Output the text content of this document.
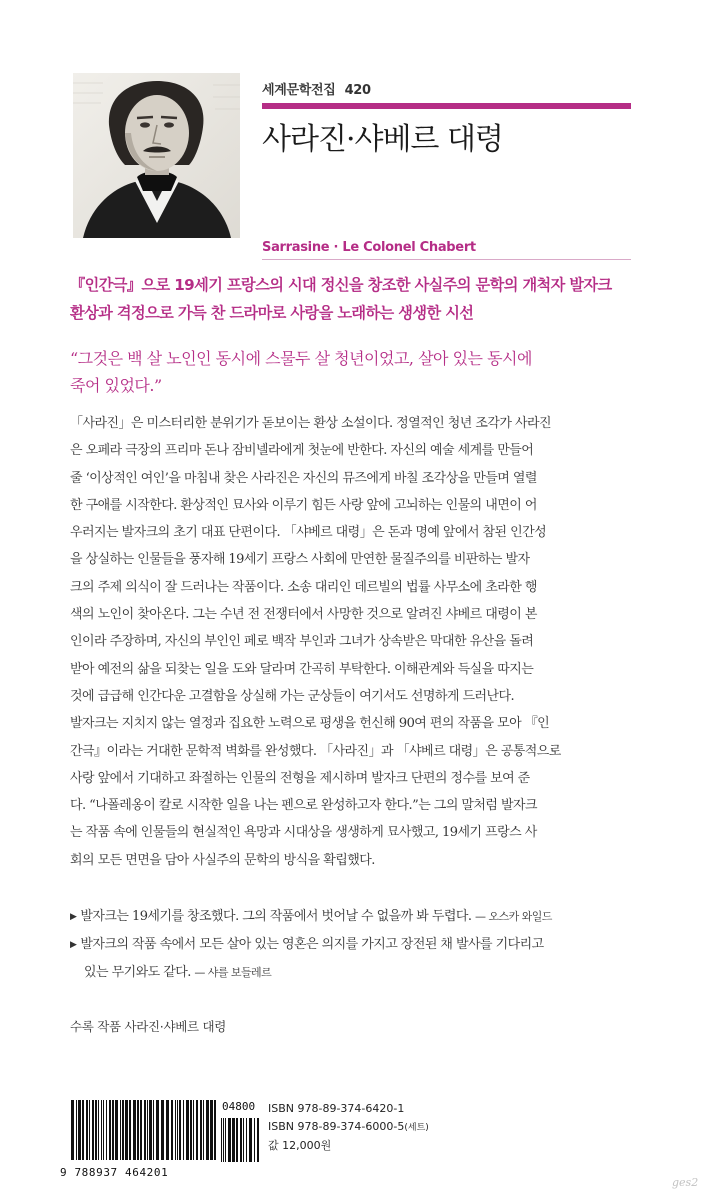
세계문학전집 420
사라진·샤베르 대령
Sarrasine · Le Colonel Chabert
『인간극』으로 19세기 프랑스의 시대 정신을 창조한 사실주의 문학의 개척자 발자크
환상과 격정으로 가득 찬 드라마로 사랑을 노래하는 생생한 시선
“그것은 백 살 노인인 동시에 스물두 살 청년이었고, 살아 있는 동시에
죽어 있었다.”
「사라진」은 미스터리한 분위기가 돋보이는 환상 소설이다. 정열적인 청년 조각가 사라진
은 오페라 극장의 프리마 돈나 잠비넬라에게 첫눈에 반한다. 자신의 예술 세계를 만들어
줄 ‘이상적인 여인’을 마침내 찾은 사라진은 자신의 뮤즈에게 바칠 조각상을 만들며 열렬
한 구애를 시작한다. 환상적인 묘사와 이루기 힘든 사랑 앞에 고뇌하는 인물의 내면이 어
우러지는 발자크의 초기 대표 단편이다. 「샤베르 대령」은 돈과 명예 앞에서 참된 인간성
을 상실하는 인물들을 풍자해 19세기 프랑스 사회에 만연한 물질주의를 비판하는 발자
크의 주제 의식이 잘 드러나는 작품이다. 소송 대리인 데르빌의 법률 사무소에 초라한 행
색의 노인이 찾아온다. 그는 수년 전 전쟁터에서 사망한 것으로 알려진 샤베르 대령이 본
인이라 주장하며, 자신의 부인인 페로 백작 부인과 그녀가 상속받은 막대한 유산을 돌려
받아 예전의 삶을 되찾는 일을 도와 달라며 간곡히 부탁한다. 이해관계와 득실을 따지는
것에 급급해 인간다운 고결함을 상실해 가는 군상들이 여기서도 선명하게 드러난다.
발자크는 지치지 않는 열정과 집요한 노력으로 평생을 헌신해 90여 편의 작품을 모아 『인
간극』이라는 거대한 문학적 벽화를 완성했다. 「사라진」과 「샤베르 대령」은 공통적으로
사랑 앞에서 기대하고 좌절하는 인물의 전형을 제시하며 발자크 단편의 정수를 보여 준
다. “나폴레옹이 칼로 시작한 일을 나는 펜으로 완성하고자 한다.”는 그의 말처럼 발자크
는 작품 속에 인물들의 현실적인 욕망과 시대상을 생생하게 묘사했고, 19세기 프랑스 사
회의 모든 면면을 담아 사실주의 문학의 방식을 확립했다.
▶ 발자크는 19세기를 창조했다. 그의 작품에서 벗어날 수 없을까 봐 두렵다. — 오스카 와일드
▶ 발자크의 작품 속에서 모든 살아 있는 영혼은 의지를 가지고 장전된 채 발사를 기다리고
있는 무기와도 같다. — 샤를 보들레르
수록 작품 사라진·샤베르 대령
9 788937 464201
04800 ISBN 978-89-374-6420-1
ISBN 978-89-374-6000-5(세트)
값 12,000원
ges2
